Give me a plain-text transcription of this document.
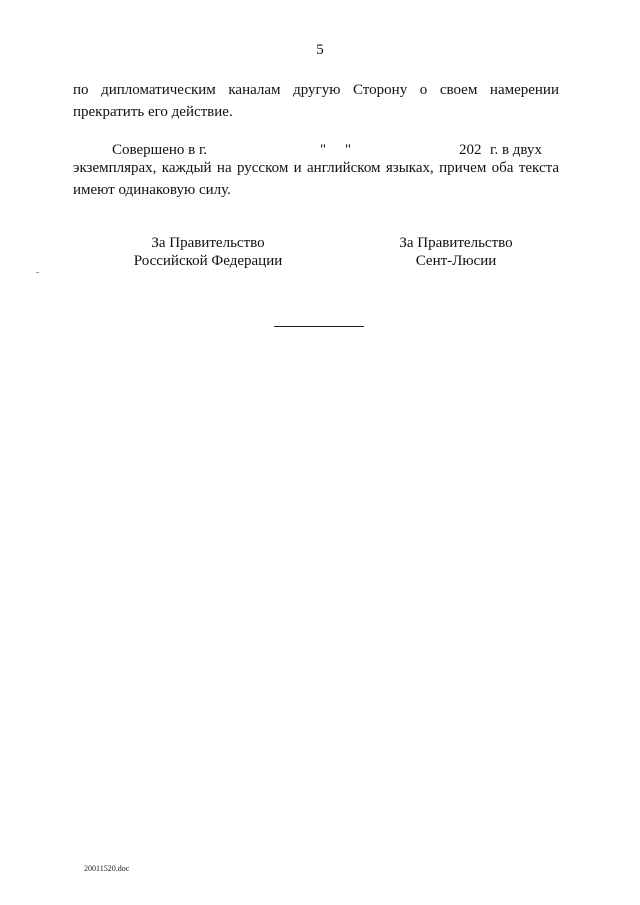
5
по дипломатическим каналам другую Сторону о своем намерении
прекратить его действие.
Совершено в г.	" "	202 г. в двух
экземплярах, каждый на русском и английском языках, причем оба текста
имеют одинаковую силу.
За Правительство
Российской Федерации
За Правительство
Сент-Люсии
20011520.doc
